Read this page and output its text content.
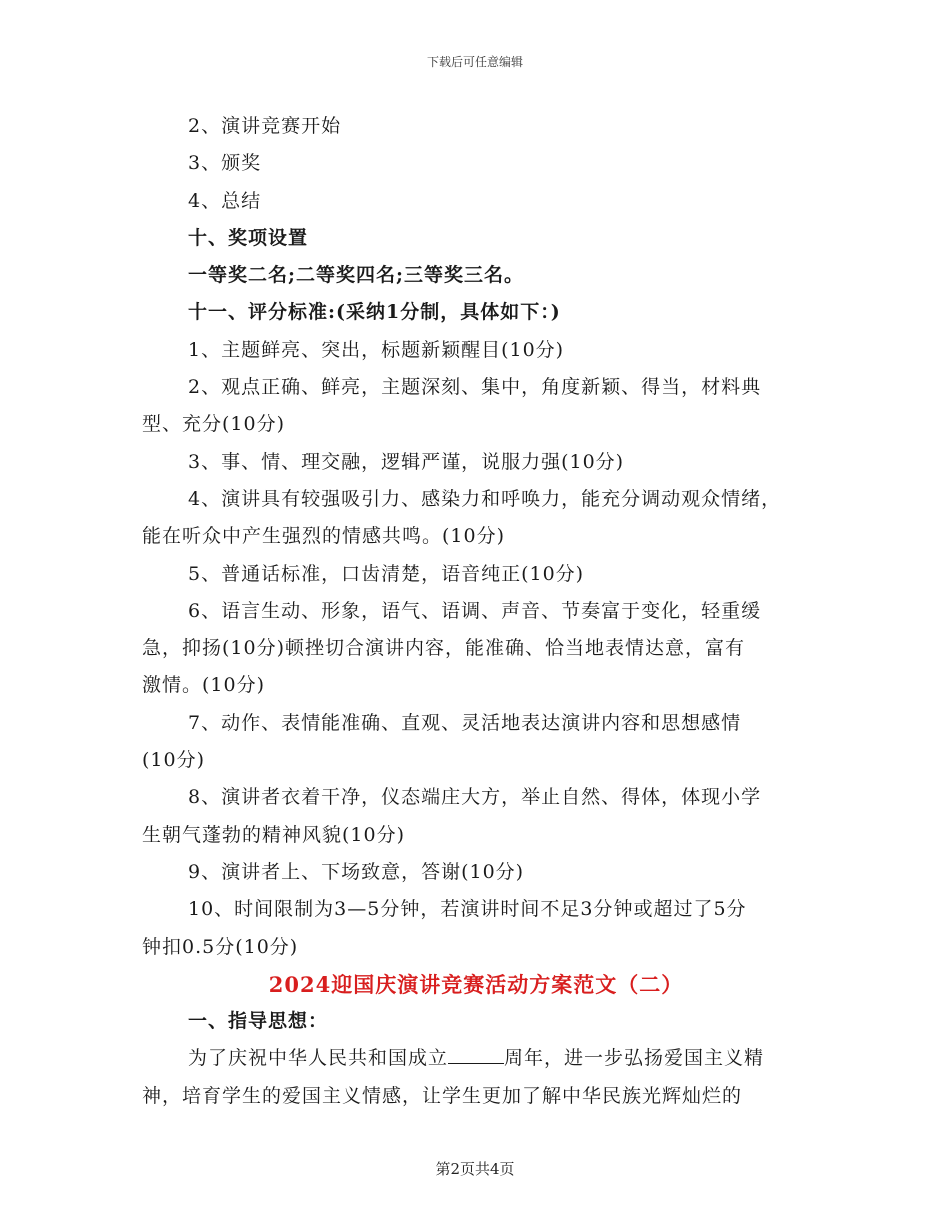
下载后可任意编辑
2、演讲竞赛开始
3、颁奖
4、总结
十、奖项设置
一等奖二名;二等奖四名;三等奖三名。
十一、评分标准:(采纳1分制，具体如下：)
1、主题鲜亮、突出，标题新颖醒目(10分)
2、观点正确、鲜亮，主题深刻、集中，角度新颖、得当，材料典
型、充分(10分)
3、事、情、理交融，逻辑严谨，说服力强(10分)
4、演讲具有较强吸引力、感染力和呼唤力，能充分调动观众情绪，
能在听众中产生强烈的情感共鸣。(10分)
5、普通话标准，口齿清楚，语音纯正(10分)
6、语言生动、形象，语气、语调、声音、节奏富于变化，轻重缓
急，抑扬(10分)顿挫切合演讲内容，能准确、恰当地表情达意，富有
激情。(10分)
7、动作、表情能准确、直观、灵活地表达演讲内容和思想感情
(10分)
8、演讲者衣着干净，仪态端庄大方，举止自然、得体，体现小学
生朝气蓬勃的精神风貌(10分)
9、演讲者上、下场致意，答谢(10分)
10、时间限制为3—5分钟，若演讲时间不足3分钟或超过了5分
钟扣0.5分(10分)
2024迎国庆演讲竞赛活动方案范文（二）
一、指导思想：
为了庆祝中华人民共和国成立	周年，进一步弘扬爱国主义精
神，培育学生的爱国主义情感，让学生更加了解中华民族光辉灿烂的
第2页共4页
